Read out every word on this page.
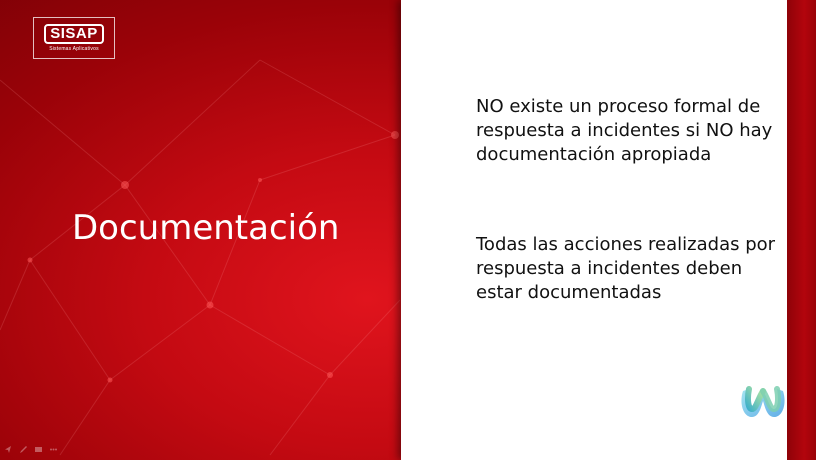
SISAP
Sistemas Aplicativos
Documentación

NO existe un proceso formal de respuesta a incidentes si NO hay documentación apropiada

Todas las acciones realizadas por respuesta a incidentes deben estar documentadas
